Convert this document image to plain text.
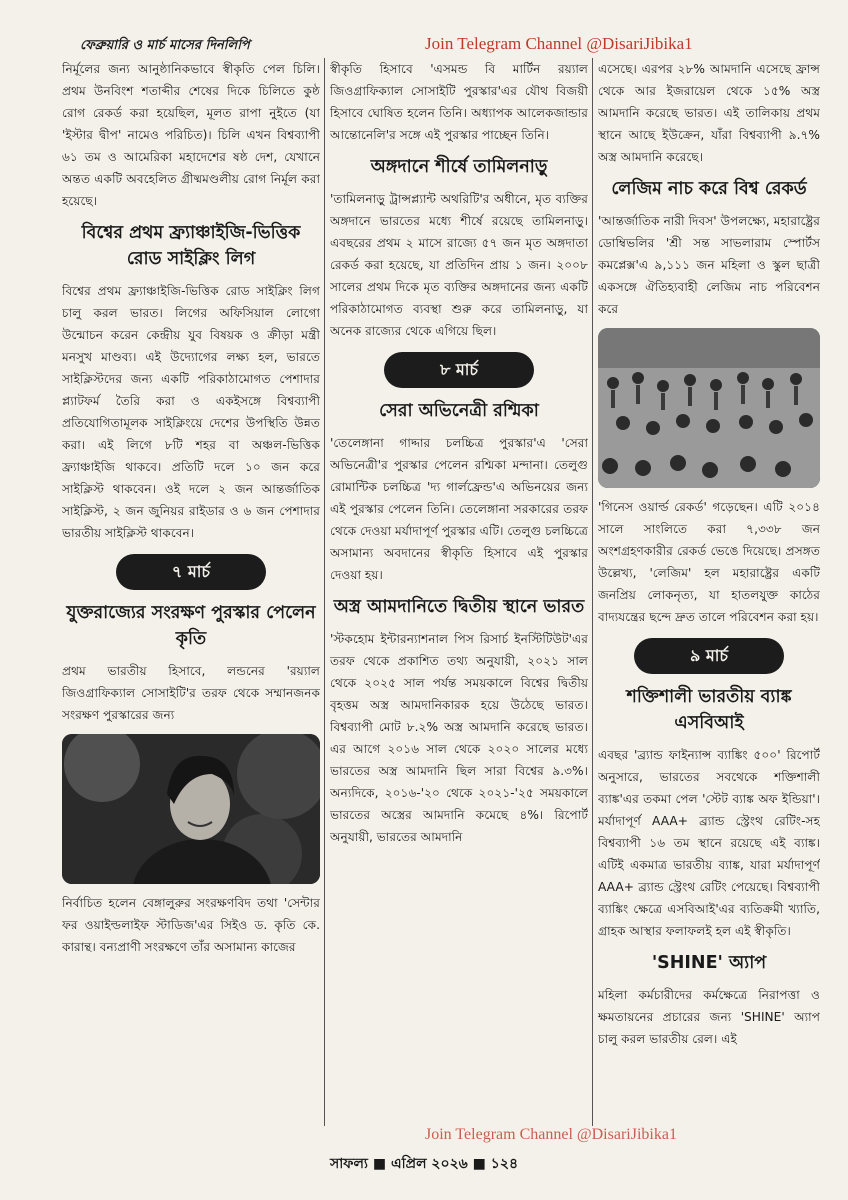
ফেব্রুয়ারি ও মার্চ মাসের দিনলিপি	Join Telegram Channel @DisariJibika1

নির্মূলের জন্য আনুষ্ঠানিকভাবে স্বীকৃতি পেল চিলি। প্রথম উনবিংশ শতাব্দীর শেষের দিকে চিলিতে কুষ্ঠ রোগ রেকর্ড করা হয়েছিল, মূলত রাপা নুইতে (যা 'ইস্টার দ্বীপ' নামেও পরিচিত)। চিলি এখন বিশ্বব্যাপী ৬১ তম ও আমেরিকা মহাদেশের ষষ্ঠ দেশ, যেখানে অন্তত একটি অবহেলিত গ্রীষ্মমণ্ডলীয় রোগ নির্মূল করা হয়েছে।

বিশ্বের প্রথম ফ্র্যাঞ্চাইজি-ভিত্তিক রোড সাইক্লিং লিগ

বিশ্বের প্রথম ফ্র্যাঞ্চাইজি-ভিত্তিক রোড সাইক্লিং লিগ চালু করল ভারত। লিগের অফিসিয়াল লোগো উন্মোচন করেন কেন্দ্রীয় যুব বিষয়ক ও ক্রীড়া মন্ত্রী মনসুখ মাণ্ডব্য। এই উদ্যোগের লক্ষ্য হল, ভারতে সাইক্লিস্টদের জন্য একটি পরিকাঠামোগত পেশাদার প্ল্যাটফর্ম তৈরি করা ও একইসঙ্গে বিশ্বব্যাপী প্রতিযোগিতামূলক সাইক্লিংয়ে দেশের উপস্থিতি উন্নত করা। এই লিগে ৮টি শহর বা অঞ্চল-ভিত্তিক ফ্র্যাঞ্চাইজি থাকবে। প্রতিটি দলে ১০ জন করে সাইক্লিস্ট থাকবেন। ওই দলে ২ জন আন্তর্জাতিক সাইক্লিস্ট, ২ জন জুনিয়র রাইডার ও ৬ জন পেশাদার ভারতীয় সাইক্লিস্ট থাকবেন।

৭ মার্চ
যুক্তরাজ্যের সংরক্ষণ পুরস্কার পেলেন কৃতি

প্রথম ভারতীয় হিসাবে, লন্ডনের 'রয়্যাল জিওগ্রাফিক্যাল সোসাইটি'র তরফ থেকে সম্মানজনক সংরক্ষণ পুরস্কারের জন্য

নির্বাচিত হলেন বেঙ্গালুরুর সংরক্ষণবিদ তথা 'সেন্টার ফর ওয়াইল্ডলাইফ স্টাডিজ'এর সিইও ড. কৃতি কে. কারান্থ। বন্যপ্রাণী সংরক্ষণে তাঁর অসামান্য কাজের

স্বীকৃতি হিসাবে 'এসমন্ড বি মার্টিন রয়্যাল জিওগ্রাফিক্যাল সোসাইটি পুরস্কার'এর যৌথ বিজয়ী হিসাবে ঘোষিত হলেন তিনি। অধ্যাপক আলেকজান্ডার আন্তোনেলি'র সঙ্গে এই পুরস্কার পাচ্ছেন তিনি।

অঙ্গদানে শীর্ষে তামিলনাড়ু

'তামিলনাড়ু ট্রান্সপ্ল্যান্ট অথরিটি'র অধীনে, মৃত ব্যক্তির অঙ্গদানে ভারতের মধ্যে শীর্ষে রয়েছে তামিলনাড়ু। এবছরের প্রথম ২ মাসে রাজ্যে ৫৭ জন মৃত অঙ্গদাতা রেকর্ড করা হয়েছে, যা প্রতিদিন প্রায় ১ জন। ২০০৮ সালের প্রথম দিকে মৃত ব্যক্তির অঙ্গদানের জন্য একটি পরিকাঠামোগত ব্যবস্থা শুরু করে তামিলনাড়ু, যা অনেক রাজ্যের থেকে এগিয়ে ছিল।

৮ মার্চ
সেরা অভিনেত্রী রশ্মিকা

'তেলেঙ্গানা গাদ্দার চলচ্চিত্র পুরস্কার'এ 'সেরা অভিনেত্রী'র পুরস্কার পেলেন রশ্মিকা মন্দানা। তেলুগু রোমান্টিক চলচ্চিত্র 'দ্য গার্লফ্রেন্ড'এ অভিনয়ের জন্য এই পুরস্কার পেলেন তিনি। তেলেঙ্গানা সরকারের তরফ থেকে দেওয়া মর্যাদাপূর্ণ পুরস্কার এটি। তেলুগু চলচ্চিত্রে অসামান্য অবদানের স্বীকৃতি হিসাবে এই পুরস্কার দেওয়া হয়।

অস্ত্র আমদানিতে দ্বিতীয় স্থানে ভারত

'স্টকহোম ইন্টারন্যাশনাল পিস রিসার্চ ইনস্টিটিউট'এর তরফ থেকে প্রকাশিত তথ্য অনুযায়ী, ২০২১ সাল থেকে ২০২৫ সাল পর্যন্ত সময়কালে বিশ্বের দ্বিতীয় বৃহত্তম অস্ত্র আমদানিকারক হয়ে উঠেছে ভারত। বিশ্বব্যাপী মোট ৮.২% অস্ত্র আমদানি করেছে ভারত। এর আগে ২০১৬ সাল থেকে ২০২০ সালের মধ্যে ভারতের অস্ত্র আমদানি ছিল সারা বিশ্বের ৯.৩%। অন্যদিকে, ২০১৬-'২০ থেকে ২০২১-'২৫ সময়কালে ভারতের অস্ত্রের আমদানি কমেছে ৪%। রিপোর্ট অনুযায়ী, ভারতের আমদানি

এসেছে। এরপর ২৮% আমদানি এসেছে ফ্রান্স থেকে আর ইজরায়েল থেকে ১৫% অস্ত্র আমদানি করেছে ভারত। এই তালিকায় প্রথম স্থানে আছে ইউক্রেন, যাঁরা বিশ্বব্যাপী ৯.৭% অস্ত্র আমদানি করেছে।

লেজিম নাচ করে বিশ্ব রেকর্ড

'আন্তর্জাতিক নারী দিবস' উপলক্ষ্যে, মহারাষ্ট্রের ডোম্বিভলির 'শ্রী সন্ত সাভলারাম স্পোর্টস কমপ্লেক্স'এ ৯,১১১ জন মহিলা ও স্কুল ছাত্রী একসঙ্গে ঐতিহ্যবাহী লেজিম নাচ পরিবেশন করে

'গিনেস ওয়ার্ল্ড রেকর্ড' গড়েছেন। এটি ২০১৪ সালে সাংলিতে করা ৭,৩৩৮ জন অংশগ্রহণকারীর রেকর্ড ভেঙে দিয়েছে। প্রসঙ্গত উল্লেখ্য, 'লেজিম' হল মহারাষ্ট্রের একটি জনপ্রিয় লোকনৃত্য, যা হাতলযুক্ত কাঠের বাদ্যযন্ত্রের ছন্দে দ্রুত তালে পরিবেশন করা হয়।

৯ মার্চ
শক্তিশালী ভারতীয় ব্যাঙ্ক এসবিআই

এবছর 'ব্র্যান্ড ফাইন্যান্স ব্যাঙ্কিং ৫০০' রিপোর্ট অনুসারে, ভারতের সবথেকে শক্তিশালী ব্যাঙ্ক'এর তকমা পেল 'স্টেট ব্যাঙ্ক অফ ইন্ডিয়া'। মর্যাদাপূর্ণ AAA+ ব্র্যান্ড স্ট্রেংথ রেটিং-সহ বিশ্বব্যাপী ১৬ তম স্থানে রয়েছে এই ব্যাঙ্ক। এটিই একমাত্র ভারতীয় ব্যাঙ্ক, যারা মর্যাদাপূর্ণ AAA+ ব্র্যান্ড স্ট্রেংথ রেটিং পেয়েছে। বিশ্বব্যাপী ব্যাঙ্কিং ক্ষেত্রে এসবিআই'এর ব্যতিক্রমী খ্যাতি, গ্রাহক আস্থার ফলাফলই হল এই স্বীকৃতি।

'SHINE' অ্যাপ

মহিলা কর্মচারীদের কর্মক্ষেত্রে নিরাপত্তা ও ক্ষমতায়নের প্রচারের জন্য 'SHINE' অ্যাপ চালু করল ভারতীয় রেল। এই

Join Telegram Channel @DisariJibika1
সাফল্য ■ এপ্রিল ২০২৬ ■ ১২৪
